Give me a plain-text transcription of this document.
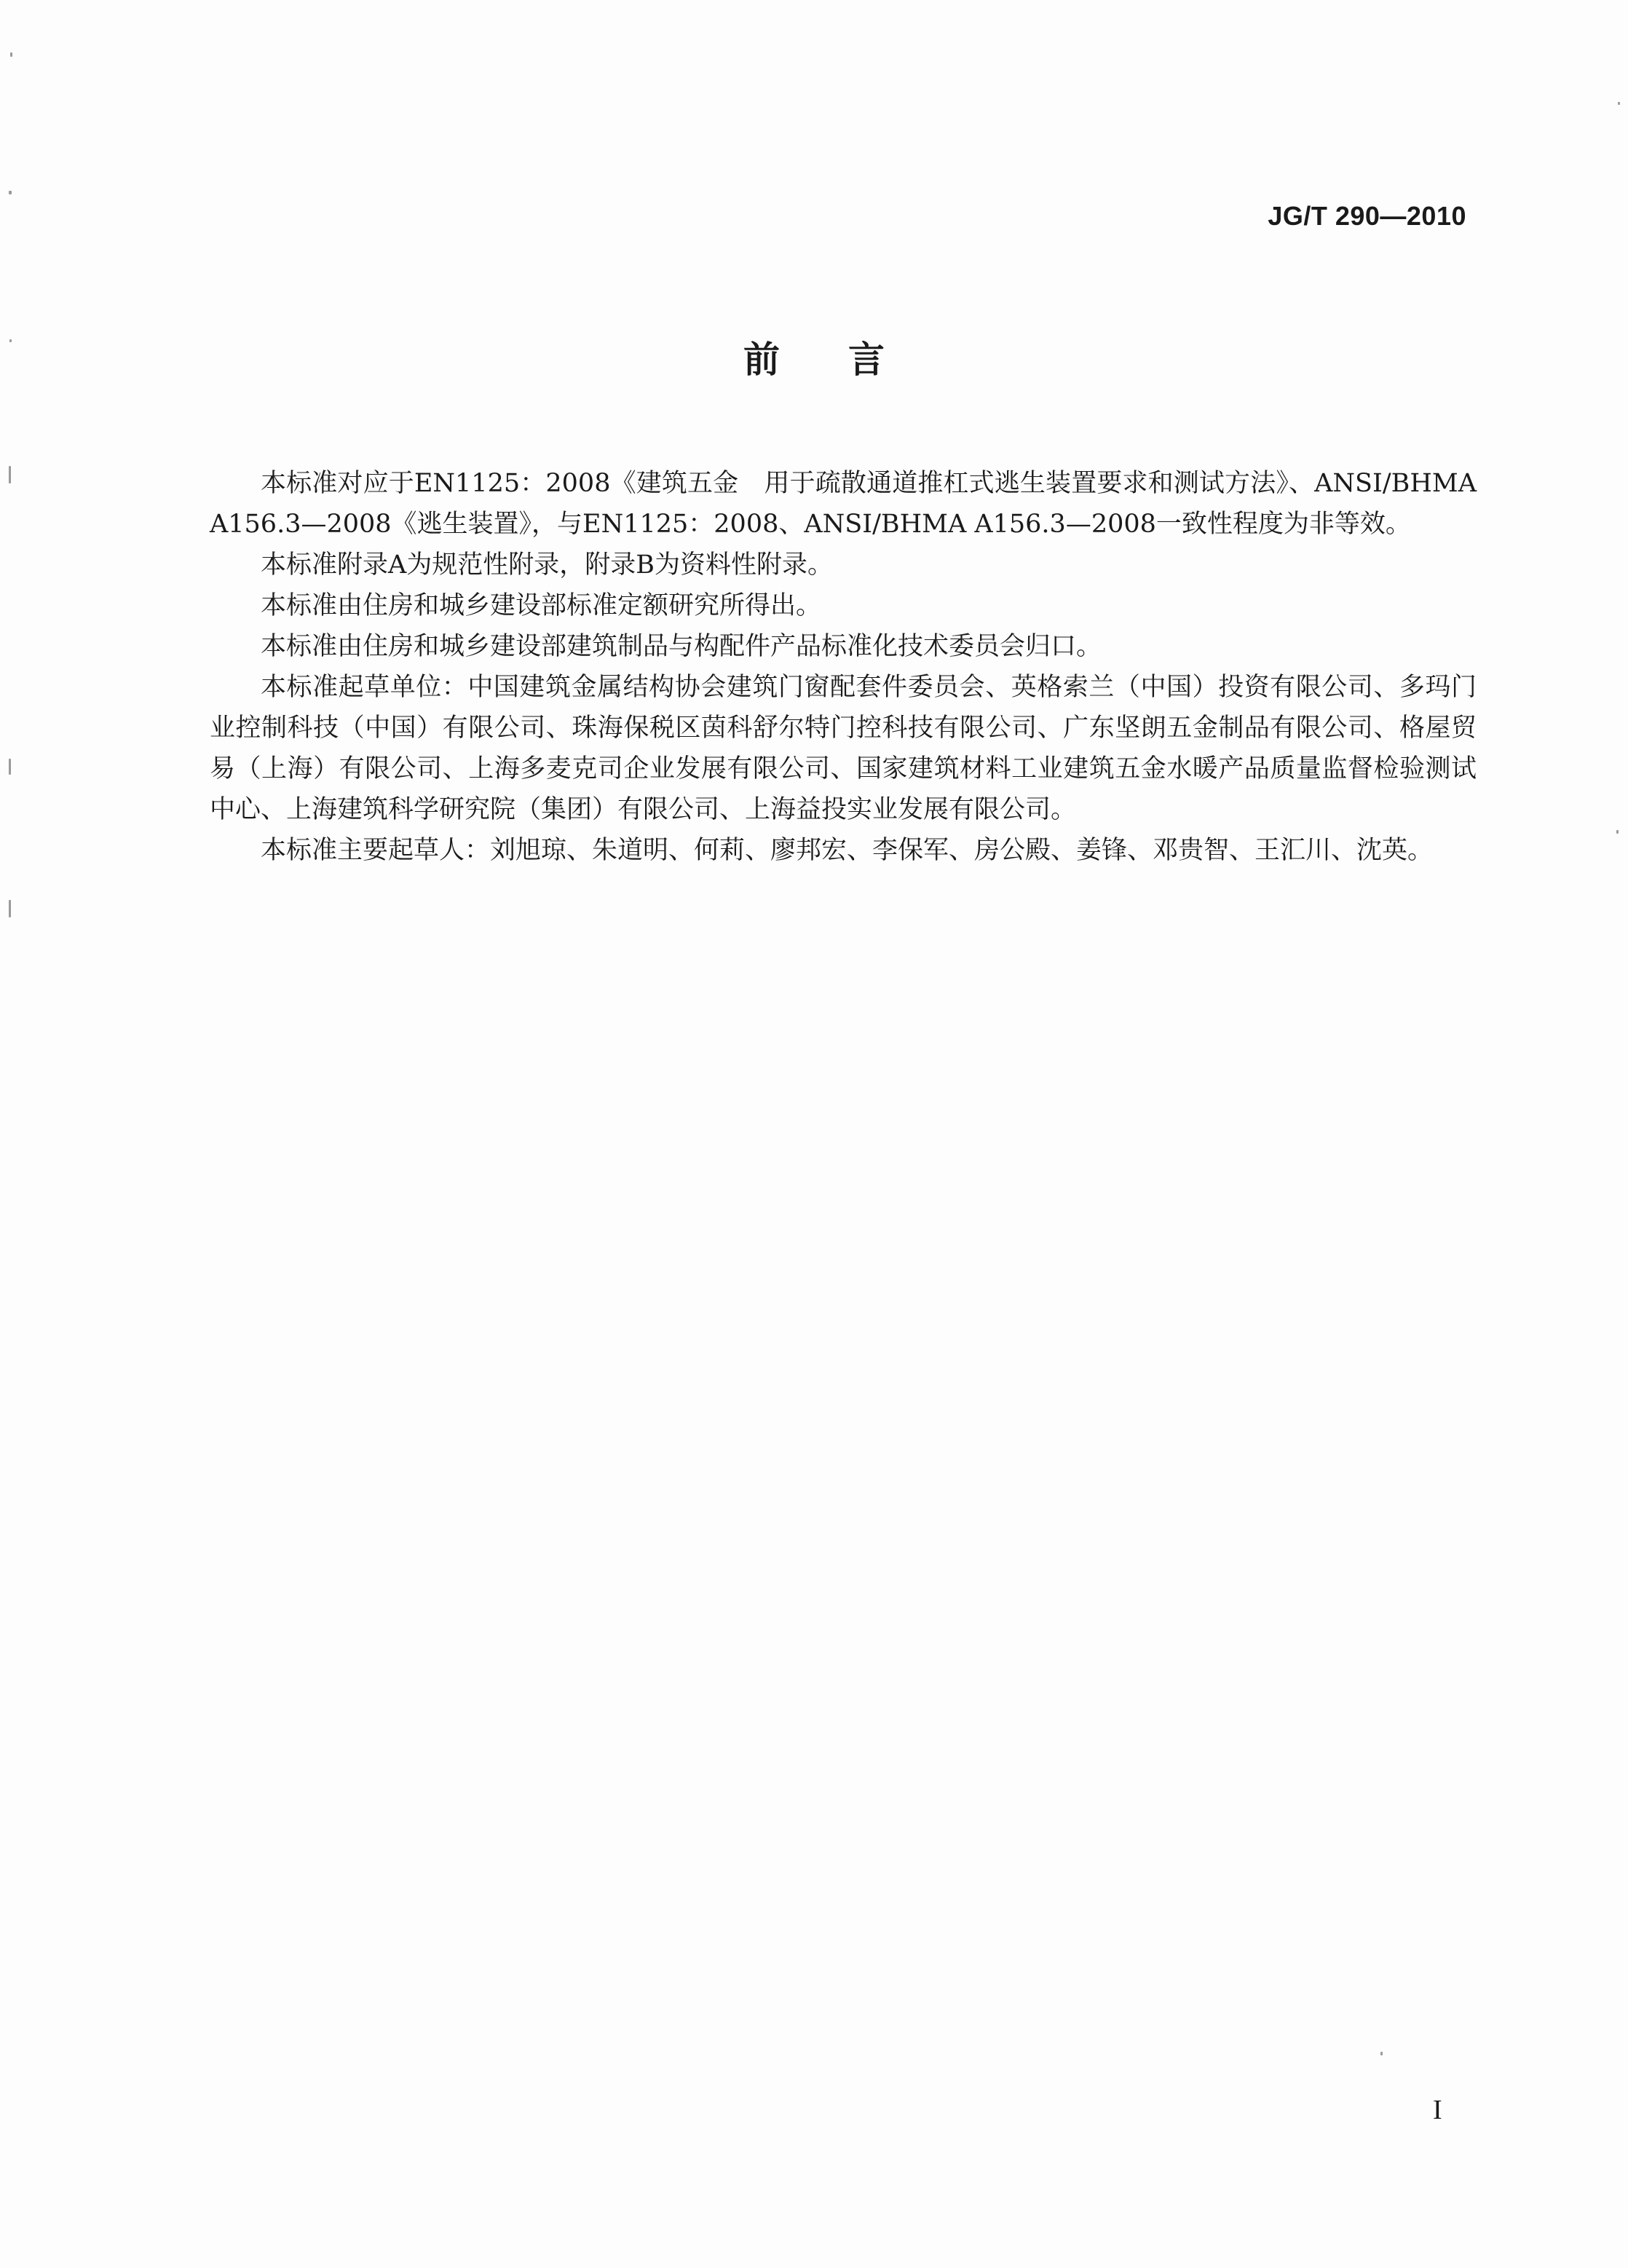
JG/T 290—2010
前言

本标准对应于EN1125：2008《建筑五金　用于疏散通道推杠式逃生装置要求和测试方法》、ANSI/BHMA A156.3—2008《逃生装置》，与EN1125：2008、ANSI/BHMA A156.3—2008一致性程度为非等效。

本标准附录A为规范性附录，附录B为资料性附录。

本标准由住房和城乡建设部标准定额研究所得出。

本标准由住房和城乡建设部建筑制品与构配件产品标准化技术委员会归口。

本标准起草单位：中国建筑金属结构协会建筑门窗配套件委员会、英格索兰（中国）投资有限公司、多玛门业控制科技（中国）有限公司、珠海保税区茵科舒尔特门控科技有限公司、广东坚朗五金制品有限公司、格屋贸易（上海）有限公司、上海多麦克司企业发展有限公司、国家建筑材料工业建筑五金水暖产品质量监督检验测试中心、上海建筑科学研究院（集团）有限公司、上海益投实业发展有限公司。

本标准主要起草人：刘旭琼、朱道明、何莉、廖邦宏、李保军、房公殿、姜锋、邓贵智、王汇川、沈英。

I
